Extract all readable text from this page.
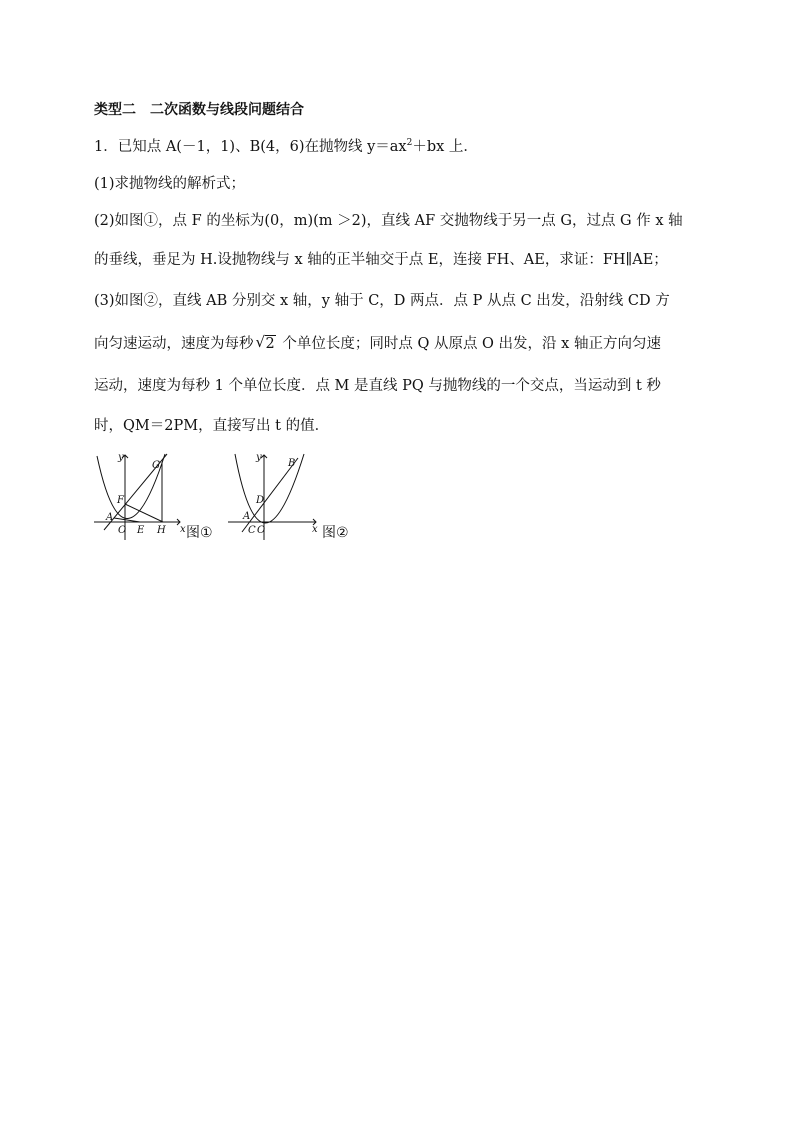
类型二　二次函数与线段问题结合
1．已知点 A(－1，1)、B(4，6)在抛物线 $y=ax^2+bx$ 上．
(1)求抛物线的解析式；
(2)如图①，点 F 的坐标为(0，m)(m ＞2)，直线 AF 交抛物线于另一点 G，过点 G 作 x 轴
的垂线，垂足为 H.设抛物线与 x 轴的正半轴交于点 E，连接 FH、AE，求证：FH∥AE；
(3)如图②，直线 AB 分别交 x 轴，y 轴于 C，D 两点．点 P 从点 C 出发，沿射线 CD 方
向匀速运动，速度为每秒 √ 2 个单位长度；同时点 Q 从原点 O 出发，沿 x 轴正方向匀速
运动，速度为每秒 1 个单位长度．点 M 是直线 PQ 与抛物线的一个交点，当运动到 t 秒
时，QM＝2PM，直接写出 t 的值．
y
x
G
F
A
O E H 图①
y
x
B
D
A
C O	图②
